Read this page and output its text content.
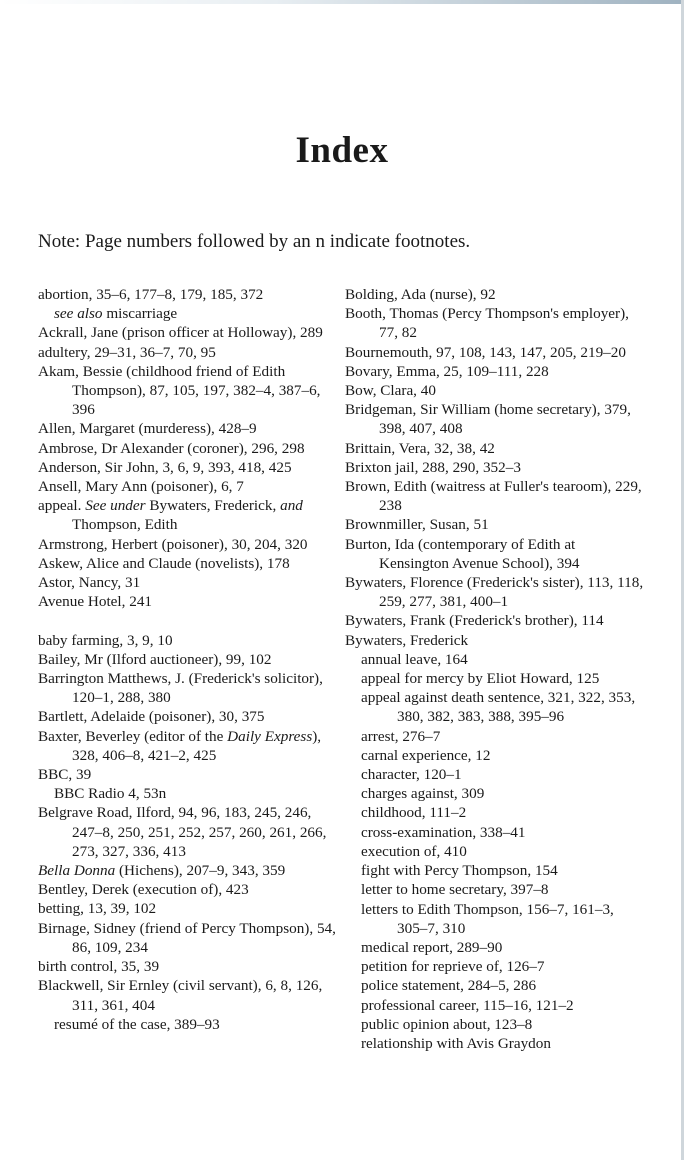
Index

Note: Page numbers followed by an n indicate footnotes.

abortion, 35–6, 177–8, 179, 185, 372

see also miscarriage

Ackrall, Jane (prison officer at Holloway), 289

adultery, 29–31, 36–7, 70, 95

Akam, Bessie (childhood friend of Edith Thompson), 87, 105, 197, 382–4, 387–6, 396

Allen, Margaret (murderess), 428–9

Ambrose, Dr Alexander (coroner), 296, 298

Anderson, Sir John, 3, 6, 9, 393, 418, 425

Ansell, Mary Ann (poisoner), 6, 7

appeal. See under Bywaters, Frederick, and Thompson, Edith

Armstrong, Herbert (poisoner), 30, 204, 320

Askew, Alice and Claude (novelists), 178

Astor, Nancy, 31

Avenue Hotel, 241

baby farming, 3, 9, 10

Bailey, Mr (Ilford auctioneer), 99, 102

Barrington Matthews, J. (Frederick's solicitor), 120–1, 288, 380

Bartlett, Adelaide (poisoner), 30, 375

Baxter, Beverley (editor of the Daily Express), 328, 406–8, 421–2, 425

BBC, 39

BBC Radio 4, 53n

Belgrave Road, Ilford, 94, 96, 183, 245, 246, 247–8, 250, 251, 252, 257, 260, 261, 266, 273, 327, 336, 413

Bella Donna (Hichens), 207–9, 343, 359

Bentley, Derek (execution of), 423

betting, 13, 39, 102

Birnage, Sidney (friend of Percy Thompson), 54, 86, 109, 234

birth control, 35, 39

Blackwell, Sir Ernley (civil servant), 6, 8, 126, 311, 361, 404

resumé of the case, 389–93

Bolding, Ada (nurse), 92

Booth, Thomas (Percy Thompson's employer), 77, 82

Bournemouth, 97, 108, 143, 147, 205, 219–20

Bovary, Emma, 25, 109–111, 228

Bow, Clara, 40

Bridgeman, Sir William (home secretary), 379, 398, 407, 408

Brittain, Vera, 32, 38, 42

Brixton jail, 288, 290, 352–3

Brown, Edith (waitress at Fuller's tearoom), 229, 238

Brownmiller, Susan, 51

Burton, Ida (contemporary of Edith at Kensington Avenue School), 394

Bywaters, Florence (Frederick's sister), 113, 118, 259, 277, 381, 400–1

Bywaters, Frank (Frederick's brother), 114

Bywaters, Frederick

annual leave, 164

appeal for mercy by Eliot Howard, 125

appeal against death sentence, 321, 322, 353, 380, 382, 383, 388, 395–96

arrest, 276–7

carnal experience, 12

character, 120–1

charges against, 309

childhood, 111–2

cross-examination, 338–41

execution of, 410

fight with Percy Thompson, 154

letter to home secretary, 397–8

letters to Edith Thompson, 156–7, 161–3, 305–7, 310

medical report, 289–90

petition for reprieve of, 126–7

police statement, 284–5, 286

professional career, 115–16, 121–2

public opinion about, 123–8

relationship with Avis Graydon
